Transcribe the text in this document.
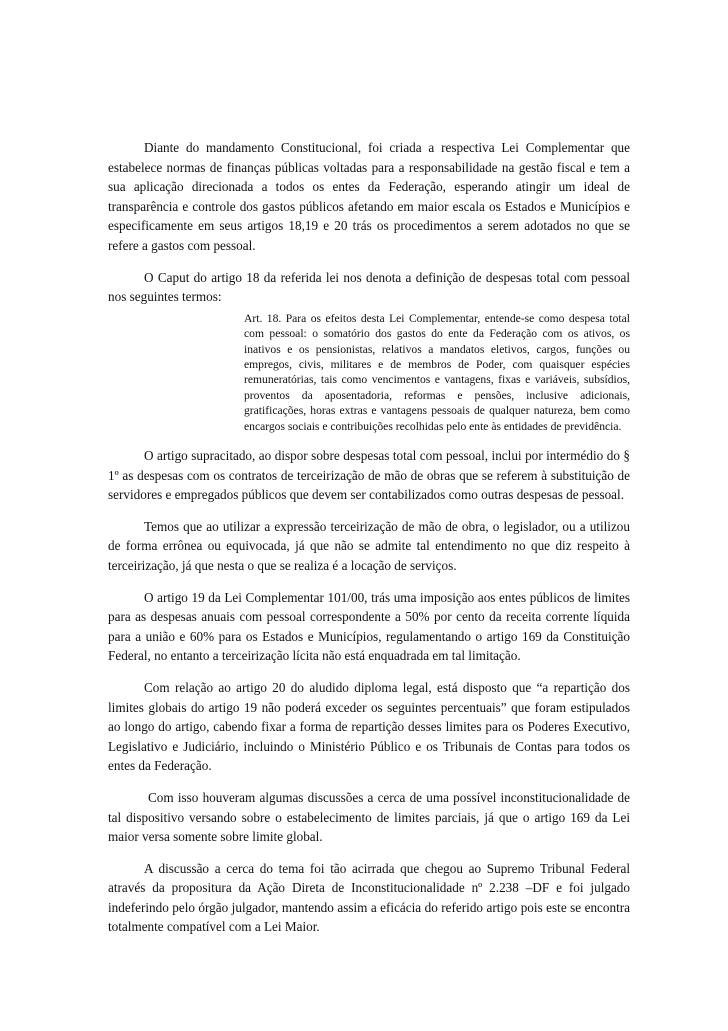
Diante do mandamento Constitucional, foi criada a respectiva Lei Complementar que estabelece normas de finanças públicas voltadas para a responsabilidade na gestão fiscal e tem a sua aplicação direcionada a todos os entes da Federação, esperando atingir um ideal de transparência e controle dos gastos públicos afetando em maior escala os Estados e Municípios e especificamente em seus artigos 18,19 e 20 trás os procedimentos a serem adotados no que se refere a gastos com pessoal.

O Caput do artigo 18 da referida lei nos denota a definição de despesas total com pessoal nos seguintes termos:

Art. 18. Para os efeitos desta Lei Complementar, entende-se como despesa total com pessoal: o somatório dos gastos do ente da Federação com os ativos, os inativos e os pensionistas, relativos a mandatos eletivos, cargos, funções ou empregos, civis, militares e de membros de Poder, com quaisquer espécies remuneratórias, tais como vencimentos e vantagens, fixas e variáveis, subsídios, proventos da aposentadoria, reformas e pensões, inclusive adicionais, gratificações, horas extras e vantagens pessoais de qualquer natureza, bem como encargos sociais e contribuições recolhidas pelo ente às entidades de previdência.

O artigo supracitado, ao dispor sobre despesas total com pessoal, inclui por intermédio do § 1º as despesas com os contratos de terceirização de mão de obras que se referem à substituição de servidores e empregados públicos que devem ser contabilizados como outras despesas de pessoal.

Temos que ao utilizar a expressão terceirização de mão de obra, o legislador, ou a utilizou de forma errônea ou equivocada, já que não se admite tal entendimento no que diz respeito à terceirização, já que nesta o que se realiza é a locação de serviços.

O artigo 19 da Lei Complementar 101/00, trás uma imposição aos entes públicos de limites para as despesas anuais com pessoal correspondente a 50% por cento da receita corrente líquida para a união e 60% para os Estados e Municípios, regulamentando o artigo 169 da Constituição Federal, no entanto a terceirização lícita não está enquadrada em tal limitação.

Com relação ao artigo 20 do aludido diploma legal, está disposto que “a repartição dos limites globais do artigo 19 não poderá exceder os seguintes percentuais” que foram estipulados ao longo do artigo, cabendo fixar a forma de repartição desses limites para os Poderes Executivo, Legislativo e Judiciário, incluindo o Ministério Público e os Tribunais de Contas para todos os entes da Federação.

Com isso houveram algumas discussões a cerca de uma possível inconstitucionalidade de tal dispositivo versando sobre o estabelecimento de limites parciais, já que o artigo 169 da Lei maior versa somente sobre limite global.

A discussão a cerca do tema foi tão acirrada que chegou ao Supremo Tribunal Federal através da propositura da Ação Direta de Inconstitucionalidade nº 2.238 –DF e foi julgado indeferindo pelo órgão julgador, mantendo assim a eficácia do referido artigo pois este se encontra totalmente compatível com a Lei Maior.
